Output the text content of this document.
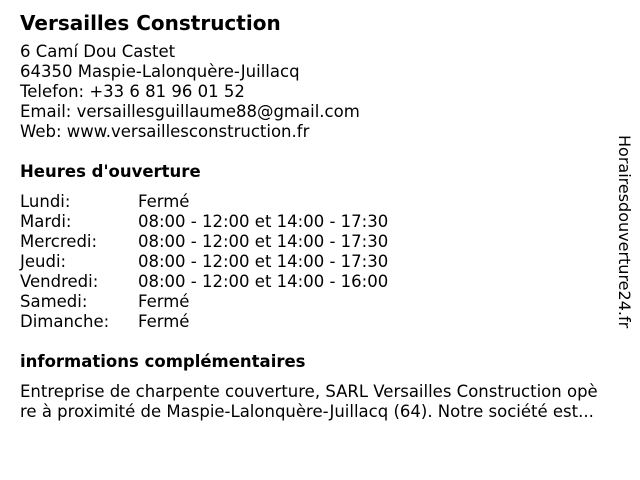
Versailles Construction
6 Camí Dou Castet
64350 Maspie-Lalonquère-Juillacq
Telefon: +33 6 81 96 01 52
Email: versaillesguillaume88@gmail.com
Web: www.versaillesconstruction.fr
Heures d'ouverture
Lundi:	Fermé
Mardi:	08:00 - 12:00 et 14:00 - 17:30
Mercredi:	08:00 - 12:00 et 14:00 - 17:30
Jeudi:	08:00 - 12:00 et 14:00 - 17:30
Vendredi:	08:00 - 12:00 et 14:00 - 16:00
Samedi:	Fermé
Dimanche:	Fermé
informations complémentaires
Entreprise de charpente couverture, SARL Versailles Construction opè
re à proximité de Maspie-Lalonquère-Juillacq (64). Notre société est...
Horairesdouverture24.fr
